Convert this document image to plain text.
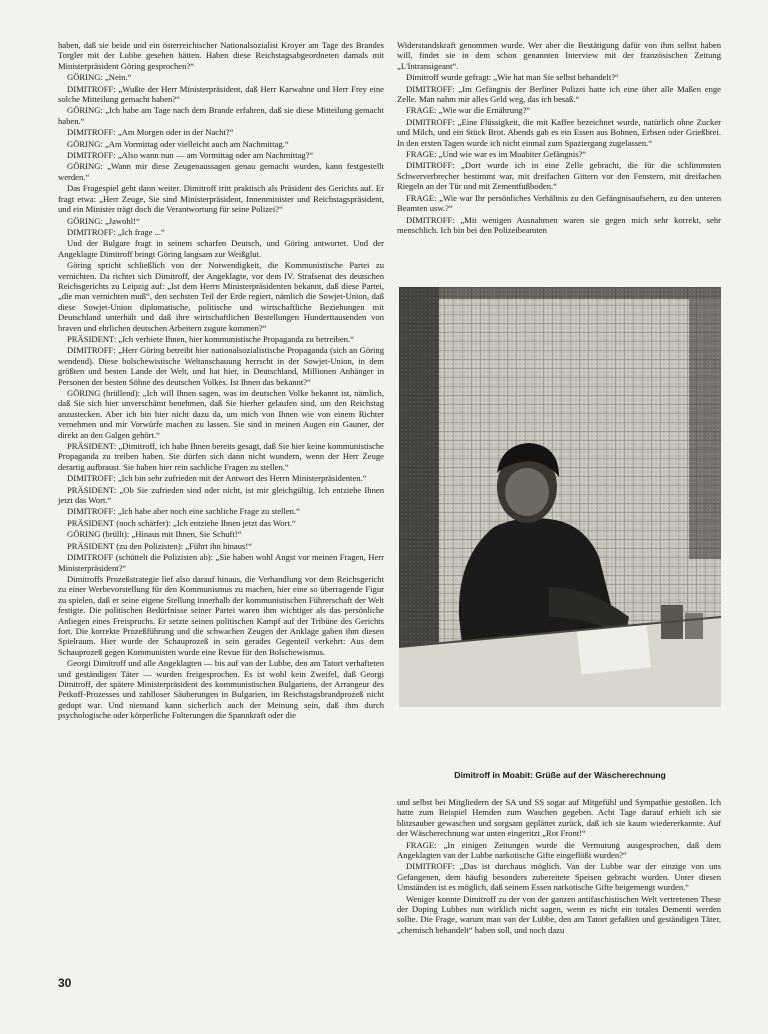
haben, daß sie beide und ein österreichischer Nationalsozialist Kroyer am Tage des Brandes Torgler mit der Lubbe gesehen hätten. Haben diese Reichstagsabgeordneten damals mit Ministerpräsident Göring gesprochen?“

GÖRING: „Nein.“

DIMITROFF: „Wußte der Herr Ministerpräsident, daß Herr Karwahne und Herr Frey eine solche Mitteilung gemacht haben?“

GÖRING: „Ich habe am Tage nach dem Brande erfahren, daß sie diese Mitteilung gemacht haben.“

DIMITROFF: „Am Morgen oder in der Nacht?“

GÖRING: „Am Vormittag oder vielleicht auch am Nachmittag.“

DIMITROFF: „Also wann nun — am Vormittag oder am Nachmittag?“

GÖRING: „Wann mir diese Zeugenaussagen genau gemacht wurden, kann festgestellt werden.“

Das Fragespiel geht dann weiter. Dimitroff tritt praktisch als Präsident des Gerichts auf. Er fragt etwa: „Herr Zeuge, Sie sind Ministerpräsident, Innenminister und Reichstagspräsident, und ein Minister trägt doch die Verantwortung für seine Polizei?“

GÖRING: „Jawohl!“

DIMITROFF: „Ich frage ...“

Und der Bulgare fragt in seinem scharfen Deutsch, und Göring antwortet. Und der Angeklagte Dimitroff bringt Göring langsam zur Weißglut.

Göring spricht schließlich von der Notwendigkeit, die Kommunistische Partei zu vernichten. Da richtet sich Dimitroff, der Angeklagte, vor dem IV. Strafsenat des deutschen Reichsgerichts zu Leipzig auf: „Ist dem Herrn Ministerpräsidenten bekannt, daß diese Partei, „die man vernichten muß“, den sechsten Teil der Erde regiert, nämlich die Sowjet-Union, daß diese Sowjet-Union diplomatische, politische und wirtschaftliche Beziehungen mit Deutschland unterhält und daß ihre wirtschaftlichen Bestellungen Hunderttausenden von braven und ehrlichen deutschen Arbeitern zugute kommen?“

PRÄSIDENT: „Ich verbiete Ihnen, hier kommunistische Propaganda zu betreiben.“

DIMITROFF: „Herr Göring betreibt hier nationalsozialistische Propaganda (sich an Göring wendend). Diese bolschewistische Weltanschauung herrscht in der Sowjet-Union, in dem größten und besten Lande der Welt, und hat hier, in Deutschland, Millionen Anhänger in Personen der besten Söhne des deutschen Volkes. Ist Ihnen das bekannt?“

GÖRING (brüllend): „Ich will Ihnen sagen, was im deutschen Volke bekannt ist, nämlich, daß Sie sich hier unverschämt benehmen, daß Sie hierher gelaufen sind, um den Reichstag anzustecken. Aber ich bin hier nicht dazu da, um mich von Ihnen wie von einem Richter vernehmen und mir Vorwürfe machen zu lassen. Sie sind in meinen Augen ein Gauner, der direkt an den Galgen gehört.“

PRÄSIDENT: „Dimitroff, ich habe Ihnen bereits gesagt, daß Sie hier keine kommunistische Propaganda zu treiben haben. Sie dürfen sich dann nicht wundern, wenn der Herr Zeuge derartig aufbraust. Sie haben hier rein sachliche Fragen zu stellen.“

DIMITROFF: „Ich bin sehr zufrieden mit der Antwort des Herrn Ministerpräsidenten.“

PRÄSIDENT: „Ob Sie zufrieden sind oder nicht, ist mir gleichgültig. Ich entziehe Ihnen jetzt das Wort.“

DIMITROFF: „Ich habe aber noch eine sachliche Frage zu stellen.“

PRÄSIDENT (noch schärfer): „Ich entziehe Ihnen jetzt das Wort.“

GÖRING (brüllt): „Hinaus mit Ihnen, Sie Schuft!“

PRÄSIDENT (zu den Polizisten): „Führt ihn hinaus!“

DIMITROFF (schüttelt die Polizisten ab): „Sie haben wohl Angst vor meinen Fragen, Herr Ministerpräsident?“

Dimitroffs Prozeßstrategie lief also darauf hinaus, die Verhandlung vor dem Reichsgericht zu einer Werbevorstellung für den Kommunismus zu machen, hier eine so überragende Figur zu spielen, daß er seine eigene Stellung innerhalb der kommunistischen Führerschaft der Welt festigte. Die politischen Bedürfnisse seiner Partei waren ihm wichtiger als das persönliche Anliegen eines Freispruchs. Er setzte seinen politischen Kampf auf der Tribüne des Gerichts fort. Die korrekte Prozeßführung und die schwachen Zeugen der Anklage gaben ihm diesen Spielraum. Hier wurde der Schauprozeß in sein gerades Gegenteil verkehrt: Aus dem Schauprozeß gegen Kommunisten wurde eine Revue für den Bolschewismus.

Georgi Dimitroff und alle Angeklagten — bis auf van der Lubbe, den am Tatort verhafteten und geständigen Täter — wurden freigesprochen. Es ist wohl kein Zweifel, daß Georgi Dimitroff, der spätere Ministerpräsident des kommunistischen Bulgariens, der Arrangeur des Petkoff-Prozesses und zahlloser Säuberungen in Bulgarien, im Reichstagsbrandprozeß nicht gedopt war. Und niemand kann sicherlich auch der Meinung sein, daß ihm durch psychologische oder körperliche Folterungen die Spannkraft oder die

Widerstandskraft genommen wurde. Wer aber die Bestätigung dafür von ihm selbst haben will, findet sie in dem schon genannten Interview mit der französischen Zeitung „L'Intransigeant“.

Dimitroff wurde gefragt: „Wie hat man Sie selbst behandelt?“

DIMITROFF: „Im Gefängnis der Berliner Polizei hatte ich eine über alle Maßen enge Zelle. Man nahm mir alles Geld weg, das ich besaß.“

FRAGE: „Wie war die Ernährung?“

DIMITROFF: „Eine Flüssigkeit, die mit Kaffee bezeichnet wurde, natürlich ohne Zucker und Milch, und ein Stück Brot. Abends gab es ein Essen aus Bohnen, Erbsen oder Grießbrei. In den ersten Tagen wurde ich nicht einmal zum Spaziergang zugelassen.“

FRAGE: „Und wie war es im Moabiter Gefängnis?“

DIMITROFF: „Dort wurde ich in eine Zelle gebracht, die für die schlimmsten Schwerverbrecher bestimmt war, mit dreifachen Gittern vor den Fenstern, mit dreifachen Riegeln an der Tür und mit Zementfußboden.“

FRAGE: „Wie war Ihr persönliches Verhältnis zu den Gefängnisaufsehern, zu den unteren Beamten usw.?“

DIMITROFF: „Mit wenigen Ausnahmen waren sie gegen mich sehr korrekt, sehr menschlich. Ich bin bei den Polizeibeamten

Dimitroff in Moabit: Grüße auf der Wäscherechnung

und selbst bei Mitgliedern der SA und SS sogar auf Mitgefühl und Sympathie gestoßen. Ich hatte zum Beispiel Hemden zum Waschen gegeben. Acht Tage darauf erhielt ich sie blitzsauber gewaschen und sorgsam geplättet zurück, daß ich sie kaum wiedererkannte. Auf der Wäscherechnung war unten eingeritzt „Rot Front!“

FRAGE: „In einigen Zeitungen wurde die Vermutung ausgesprochen, daß dem Angeklagten van der Lubbe narkotische Gifte eingeflößt wurden?“

DIMITROFF: „Das ist durchaus möglich. Van der Lubbe war der einzige von uns Gefangenen, dem häufig besonders zubereitete Speisen gebracht wurden. Unter diesen Umständen ist es möglich, daß seinem Essen narkotische Gifte beigemengt wurden.“

Weniger konnte Dimitroff zu der von der ganzen antifaschistischen Welt vertretenen These der Doping Lubbes nun wirklich nicht sagen, wenn es nicht ein totales Dementi werden sollte. Die Frage, warum man van der Lubbe, den am Tatort gefaßten und geständigen Täter, „chemisch behandelt“ haben soll, und noch dazu

30
